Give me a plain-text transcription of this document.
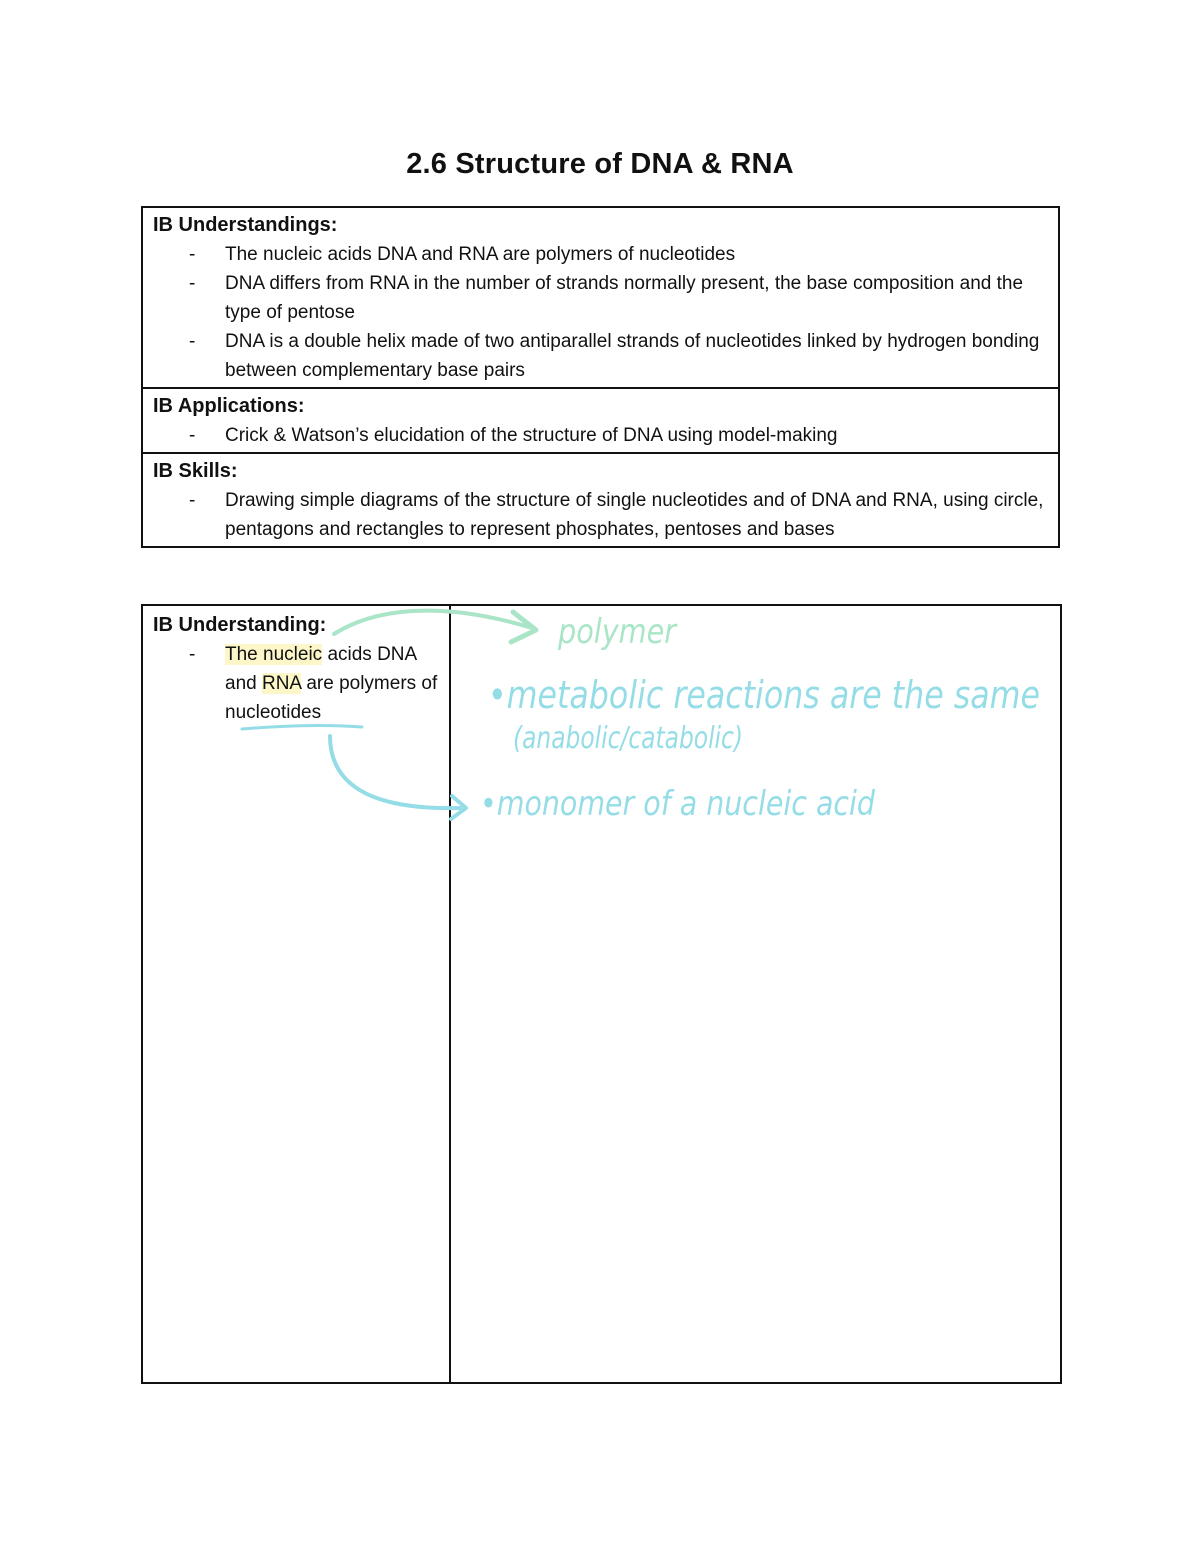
2.6 Structure of DNA & RNA
IB Understandings:
- The nucleic acids DNA and RNA are polymers of nucleotides
- DNA differs from RNA in the number of strands normally present, the base composition and the type of pentose
- DNA is a double helix made of two antiparallel strands of nucleotides linked by hydrogen bonding between complementary base pairs

IB Applications:
- Crick & Watson’s elucidation of the structure of DNA using model-making

IB Skills:
- Drawing simple diagrams of the structure of single nucleotides and of DNA and RNA, using circle, pentagons and rectangles to represent phosphates, pentoses and bases
IB Understanding:
- The nucleic acids DNA and RNA are polymers of nucleotides
polymer
•metabolic reactions are the same
(anabolic/catabolic)
•monomer of a nucleic acid
